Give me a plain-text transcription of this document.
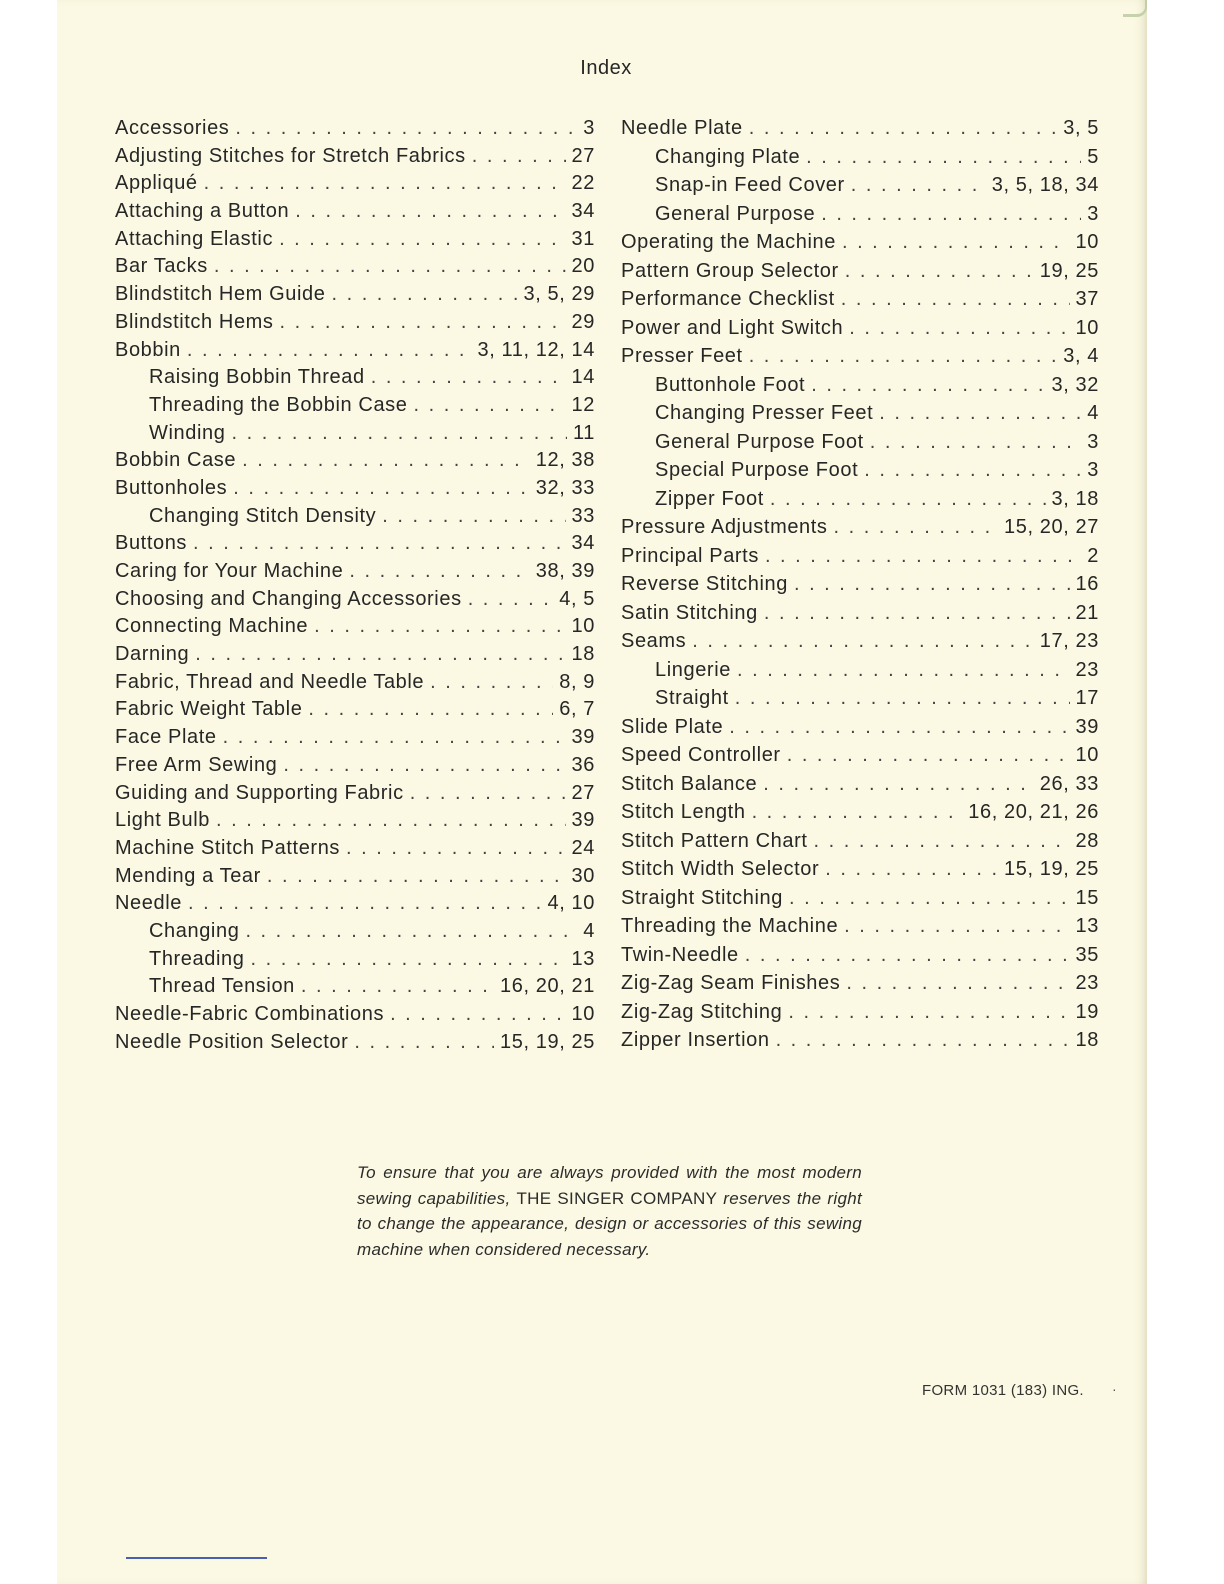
Index
Accessories . . .	3
Adjusting Stitches for Stretch Fabrics . . .	27
Appliqué . . .	22
Attaching a Button . . .	34
Attaching Elastic . . .	31
Bar Tacks . . .	20
Blindstitch Hem Guide . . .	3, 5, 29
Blindstitch Hems . . .	29
Bobbin . . .	3, 11, 12, 14
Raising Bobbin Thread . . .	14
Threading the Bobbin Case . . .	12
Winding . . .	11
Bobbin Case . . .	12, 38
Buttonholes . . .	32, 33
Changing Stitch Density . . .	33
Buttons . . .	34
Caring for Your Machine . . .	38, 39
Choosing and Changing Accessories . . .	4, 5
Connecting Machine . . .	10
Darning . . .	18
Fabric, Thread and Needle Table . . .	8, 9
Fabric Weight Table . . .	6, 7
Face Plate . . .	39
Free Arm Sewing . . .	36
Guiding and Supporting Fabric . . .	27
Light Bulb . . .	39
Machine Stitch Patterns . . .	24
Mending a Tear . . .	30
Needle . . .	4, 10
Changing . . .	4
Threading . . .	13
Thread Tension . . .	16, 20, 21
Needle-Fabric Combinations . . .	10
Needle Position Selector . . .	15, 19, 25
Needle Plate . . .	3, 5
Changing Plate . . .	5
Snap-in Feed Cover . . .	3, 5, 18, 34
General Purpose . . .	3
Operating the Machine . . .	10
Pattern Group Selector . . .	19, 25
Performance Checklist . . .	37
Power and Light Switch . . .	10
Presser Feet . . .	3, 4
Buttonhole Foot . . .	3, 32
Changing Presser Feet . . .	4
General Purpose Foot . . .	3
Special Purpose Foot . . .	3
Zipper Foot . . .	3, 18
Pressure Adjustments . . .	15, 20, 27
Principal Parts . . .	2
Reverse Stitching . . .	16
Satin Stitching . . .	21
Seams . . .	17, 23
Lingerie . . .	23
Straight . . .	17
Slide Plate . . .	39
Speed Controller . . .	10
Stitch Balance . . .	26, 33
Stitch Length . . .	16, 20, 21, 26
Stitch Pattern Chart . . .	28
Stitch Width Selector . . .	15, 19, 25
Straight Stitching . . .	15
Threading the Machine . . .	13
Twin-Needle . . .	35
Zig-Zag Seam Finishes . . .	23
Zig-Zag Stitching . . .	19
Zipper Insertion . . .	18
To ensure that you are always provided with the most modern sewing capabilities, THE SINGER COMPANY reserves the right to change the appearance, design or accessories of this sewing machine when considered necessary.
FORM 1031 (183) ING. ·
